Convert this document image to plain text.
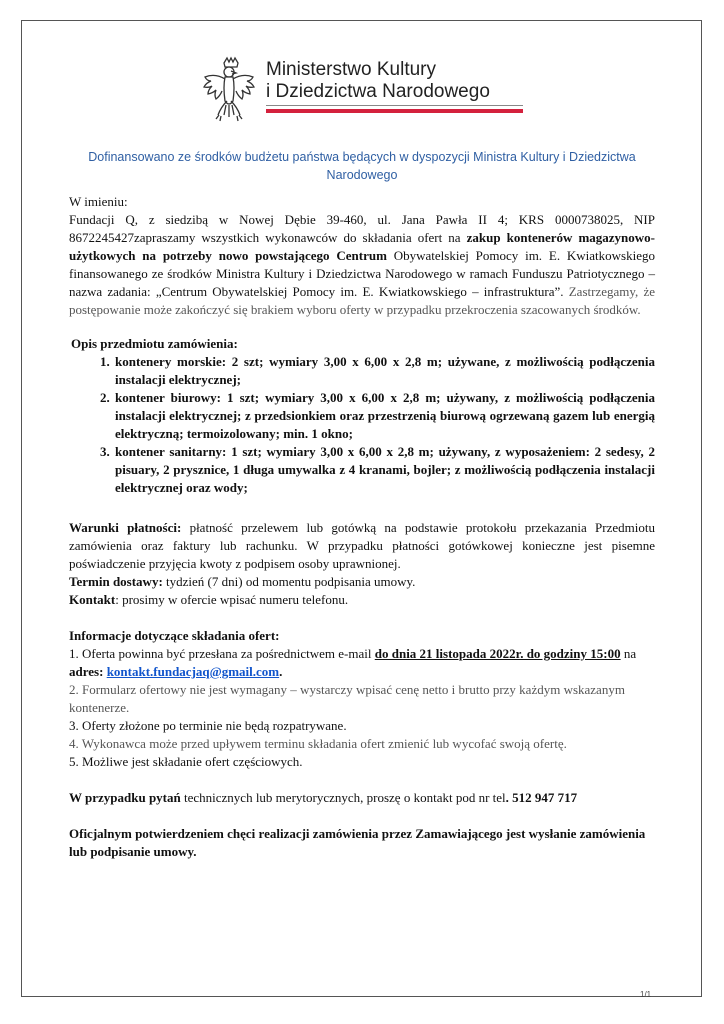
Ministerstwo Kultury
i Dziedzictwa Narodowego
Dofinansowano ze środków budżetu państwa będących w dyspozycji Ministra Kultury i Dziedzictwa Narodowego

W imieniu:

Fundacji Q, z siedzibą w Nowej Dębie 39-460, ul. Jana Pawła II 4; KRS 0000738025, NIP 8672245427zapraszamy wszystkich wykonawców do składania ofert na zakup kontenerów magazynowo-użytkowych na potrzeby nowo powstającego Centrum Obywatelskiej Pomocy im. E. Kwiatkowskiego finansowanego ze środków Ministra Kultury i Dziedzictwa Narodowego w ramach Funduszu Patriotycznego – nazwa zadania: „Centrum Obywatelskiej Pomocy im. E. Kwiatkowskiego – infrastruktura”. Zastrzegamy, że postępowanie może zakończyć się brakiem wyboru oferty w przypadku przekroczenia szacowanych środków.

Opis przedmiotu zamówienia:

1. kontenery morskie: 2 szt; wymiary 3,00 x 6,00 x 2,8 m; używane, z możliwością podłączenia instalacji elektrycznej;
2. kontener biurowy: 1 szt; wymiary 3,00 x 6,00 x 2,8 m; używany, z możliwością podłączenia instalacji elektrycznej; z przedsionkiem oraz przestrzenią biurową ogrzewaną gazem lub energią elektryczną; termoizolowany; min. 1 okno;
3. kontener sanitarny: 1 szt; wymiary 3,00 x 6,00 x 2,8 m; używany, z wyposażeniem: 2 sedesy, 2 pisuary, 2 prysznice, 1 długa umywalka z 4 kranami, bojler; z możliwością podłączenia instalacji elektrycznej oraz wody;

Warunki płatności: płatność przelewem lub gotówką na podstawie protokołu przekazania Przedmiotu zamówienia oraz faktury lub rachunku. W przypadku płatności gotówkowej konieczne jest pisemne poświadczenie przyjęcia kwoty z podpisem osoby uprawnionej.

Termin dostawy: tydzień (7 dni) od momentu podpisania umowy.

Kontakt: prosimy w ofercie wpisać numeru telefonu.

Informacje dotyczące składania ofert:

1. Oferta powinna być przesłana za pośrednictwem e-mail do dnia 21 listopada 2022r. do godziny 15:00 na adres: kontakt.fundacjaq@gmail.com.

2. Formularz ofertowy nie jest wymagany – wystarczy wpisać cenę netto i brutto przy każdym wskazanym kontenerze.

3. Oferty złożone po terminie nie będą rozpatrywane.

4. Wykonawca może przed upływem terminu składania ofert zmienić lub wycofać swoją ofertę.

5. Możliwe jest składanie ofert częściowych.

W przypadku pytań technicznych lub merytorycznych, proszę o kontakt pod nr tel. 512 947 717

Oficjalnym potwierdzeniem chęci realizacji zamówienia przez Zamawiającego jest wysłanie zamówienia lub podpisanie umowy.

1/1
